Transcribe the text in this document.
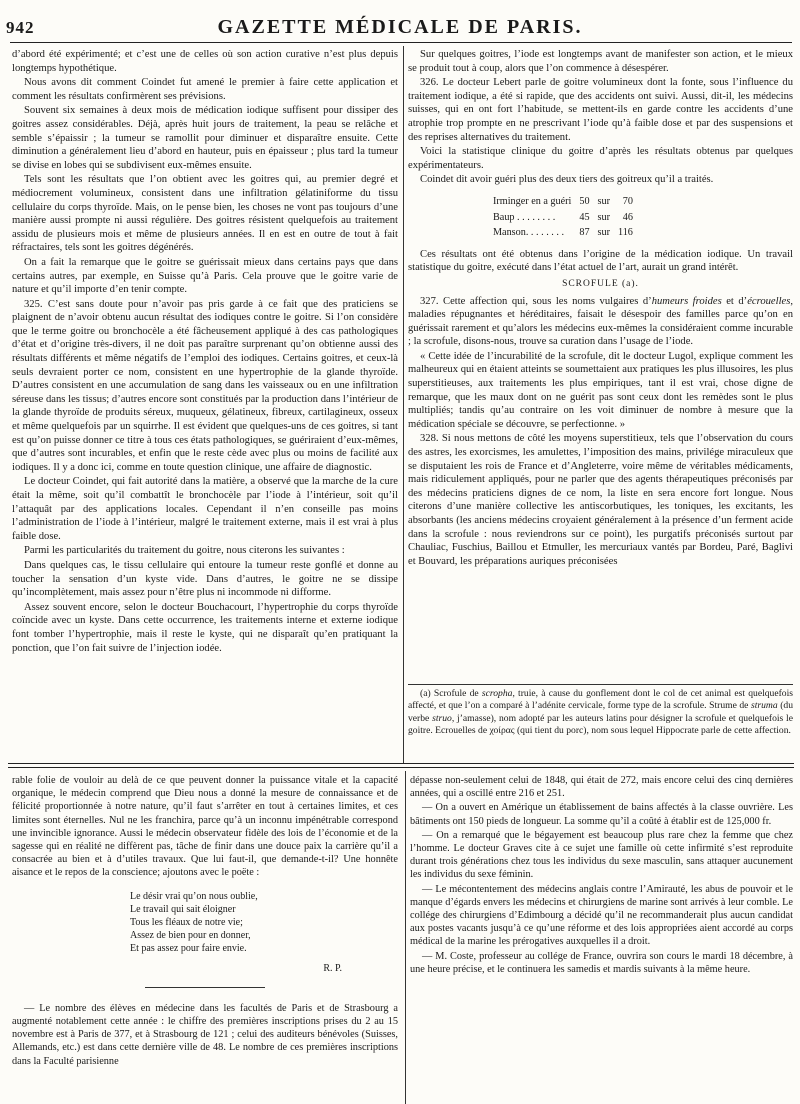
942	GAZETTE MÉDICALE DE PARIS.

d’abord été expérimenté; et c’est une de celles où son action curative n’est plus depuis longtemps hypothétique.

Nous avons dit comment Coindet fut amené le premier à faire cette application et comment les résultats confirmèrent ses prévisions.

Souvent six semaines à deux mois de médication iodique suffisent pour dissiper des goitres assez considérables. Déjà, après huit jours de traitement, la peau se relâche et semble s’épaissir ; la tumeur se ramollit pour diminuer et disparaître ensuite. Cette diminution a généralement lieu d’abord en hauteur, puis en épaisseur ; plus tard la tumeur se divise en lobes qui se subdivisent eux-mêmes ensuite.

Tels sont les résultats que l’on obtient avec les goitres qui, au premier degré et médiocrement volumineux, consistent dans une infiltration gélatiniforme du tissu cellulaire du corps thyroïde. Mais, on le pense bien, les choses ne vont pas toujours d’une manière aussi prompte ni aussi régulière. Des goitres résistent quelquefois au traitement assidu de plusieurs mois et même de plusieurs années. Il en est en outre de tout à fait réfractaires, tels sont les goitres dégénérés.

On a fait la remarque que le goitre se guérissait mieux dans certains pays que dans certains autres, par exemple, en Suisse qu’à Paris. Cela prouve que le goitre varie de nature et qu’il importe d’en tenir compte.

325. C’est sans doute pour n’avoir pas pris garde à ce fait que des praticiens se plaignent de n’avoir obtenu aucun résultat des iodiques contre le goitre. Si l’on considère que le terme goitre ou bronchocèle a été fâcheusement appliqué à des cas pathologiques d’état et d’origine très-divers, il ne doit pas paraître surprenant qu’on obtienne aussi des résultats différents et même négatifs de l’emploi des iodiques. Certains goitres, et ceux-là seuls devraient porter ce nom, consistent en une hypertrophie de la glande thyroïde. D’autres consistent en une accumulation de sang dans les vaisseaux ou en une infiltration séreuse dans les tissus; d’autres encore sont constitués par la production dans l’intérieur de la glande thyroïde de produits séreux, muqueux, gélatineux, fibreux, cartilagineux, osseux et même quelquefois par un squirrhe. Il est évident que quelques-uns de ces goitres, si tant est qu’on puisse donner ce titre à tous ces états pathologiques, se guériraient d’eux-mêmes, que d’autres sont incurables, et enfin que le reste cède avec plus ou moins de facilité aux iodiques. Il y a donc ici, comme en toute question clinique, une affaire de diagnostic.

Le docteur Coindet, qui fait autorité dans la matière, a observé que la marche de la cure était la même, soit qu’il combattît le bronchocèle par l’iode à l’intérieur, soit qu’il l’attaquât par des applications locales. Cependant il n’en conseille pas moins l’administration de l’iode à l’intérieur, malgré le traitement externe, mais il est vrai à plus faible dose.

Parmi les particularités du traitement du goitre, nous citerons les suivantes :

Dans quelques cas, le tissu cellulaire qui entoure la tumeur reste gonflé et donne au toucher la sensation d’un kyste vide. Dans d’autres, le goitre ne se dissipe qu’incomplètement, mais assez pour n’être plus ni incommode ni difforme.

Assez souvent encore, selon le docteur Bouchacourt, l’hypertrophie du corps thyroïde coïncide avec un kyste. Dans cette occurrence, les traitements interne et externe iodique font tomber l’hypertrophie, mais il reste le kyste, qui ne disparaît qu’en pratiquant la ponction, que l’on fait suivre de l’injection iodée.

Sur quelques goitres, l’iode est longtemps avant de manifester son action, et le mieux se produit tout à coup, alors que l’on commence à désespérer.

326. Le docteur Lebert parle de goitre volumineux dont la fonte, sous l’influence du traitement iodique, a été si rapide, que des accidents ont suivi. Aussi, dit-il, les médecins suisses, qui en ont fort l’habitude, se mettent-ils en garde contre les accidents d’une atrophie trop prompte en ne prescrivant l’iode qu’à faible dose et par des suspensions et des reprises alternatives du traitement.

Voici la statistique clinique du goitre d’après les résultats obtenus par quelques expérimentateurs.

Coindet dit avoir guéri plus des deux tiers des goitreux qu’il a traités.

Irminger en a guéri	50	sur	70
Baup . . . . . . . .	45	sur	46
Manson. . . . . . . .	87	sur	116

Ces résultats ont été obtenus dans l’origine de la médication iodique. Un travail statistique du goitre, exécuté dans l’état actuel de l’art, aurait un grand intérêt.

SCROFULE (a).

327. Cette affection qui, sous les noms vulgaires d’humeurs froides et d’écrouelles, maladies répugnantes et héréditaires, faisait le désespoir des familles parce qu’on en guérissait rarement et qu’alors les médecins eux-mêmes la considéraient comme incurable ; la scrofule, disons-nous, trouve sa curation dans l’usage de l’iode.

« Cette idée de l’incurabilité de la scrofule, dit le docteur Lugol, explique comment les malheureux qui en étaient atteints se soumettaient aux pratiques les plus illusoires, les plus superstitieuses, aux traitements les plus empiriques, tant il est vrai, chose digne de remarque, que les maux dont on ne guérit pas sont ceux dont les remèdes sont le plus multipliés; tandis qu’au contraire on les voit diminuer de nombre à mesure que la médication spéciale se découvre, se perfectionne. »

328. Si nous mettons de côté les moyens superstitieux, tels que l’observation du cours des astres, les exorcismes, les amulettes, l’imposition des mains, privilége miraculeux que se disputaient les rois de France et d’Angleterre, voire même de véritables médicaments, mais ridiculement appliqués, pour ne parler que des agents thérapeutiques préconisés par des médecins praticiens dignes de ce nom, la liste en sera encore fort longue. Nous citerons d’une manière collective les antiscorbutiques, les toniques, les excitants, les absorbants (les anciens médecins croyaient généralement à la présence d’un ferment acide dans la scrofule : nous reviendrons sur ce point), les purgatifs préconisés surtout par Chauliac, Fuschius, Baillou et Etmuller, les mercuriaux vantés par Bordeu, Paré, Baglivi et Bouvard, les préparations auriques préconisées

(a) Scrofule de scropha, truie, à cause du gonflement dont le col de cet animal est quelquefois affecté, et que l’on a comparé à l’adénite cervicale, forme type de la scrofule. Strume de struma (du verbe struo, j’amasse), nom adopté par les auteurs latins pour désigner la scrofule et quelquefois le goitre. Ecrouelles de χοίρας (qui tient du porc), nom sous lequel Hippocrate parle de cette affection.

rable folie de vouloir au delà de ce que peuvent donner la puissance vitale et la capacité organique, le médecin comprend que Dieu nous a donné la mesure de connaissance et de félicité proportionnée à notre nature, qu’il faut s’arrêter en tout à certaines limites, et ces limites sont éternelles. Nul ne les franchira, parce qu’à un inconnu impénétrable correspond une invincible ignorance. Aussi le médecin observateur fidèle des lois de l’économie et de la sagesse qui en réalité ne diffèrent pas, tâche de finir dans une douce paix la carrière qu’il a consacrée au bien et à d’utiles travaux. Que lui faut-il, que demande-t-il? Une honnête aisance et le repos de la conscience; ajoutons avec le poëte :

Le désir vrai qu’on nous oublie,
Le travail qui sait éloigner
Tous les fléaux de notre vie;
Assez de bien pour en donner,
Et pas assez pour faire envie.
R. P.

— Le nombre des élèves en médecine dans les facultés de Paris et de Strasbourg a augmenté notablement cette année : le chiffre des premières inscriptions prises du 2 au 15 novembre est à Paris de 377, et à Strasbourg de 121 ; celui des auditeurs bénévoles (Suisses, Allemands, etc.) est dans cette dernière ville de 48. Le nombre de ces premières inscriptions dans la Faculté parisienne

dépasse non-seulement celui de 1848, qui était de 272, mais encore celui des cinq dernières années, qui a oscillé entre 216 et 251.

— On a ouvert en Amérique un établissement de bains affectés à la classe ouvrière. Les bâtiments ont 150 pieds de longueur. La somme qu’il a coûté à établir est de 125,000 fr.

— On a remarqué que le bégayement est beaucoup plus rare chez la femme que chez l’homme. Le docteur Graves cite à ce sujet une famille où cette infirmité s’est reproduite durant trois générations chez tous les individus du sexe masculin, sans attaquer aucunement les individus du sexe féminin.

— Le mécontentement des médecins anglais contre l’Amirauté, les abus de pouvoir et le manque d’égards envers les médecins et chirurgiens de marine sont arrivés à leur comble. Le collége des chirurgiens d’Edimbourg a décidé qu’il ne recommanderait plus aucun candidat aux postes vacants jusqu’à ce qu’une réforme et des lois appropriées aient accordé au corps médical de la marine les prérogatives auxquelles il a droit.

— M. Coste, professeur au collége de France, ouvrira son cours le mardi 18 décembre, à une heure précise, et le continuera les samedis et mardis suivants à la même heure.
